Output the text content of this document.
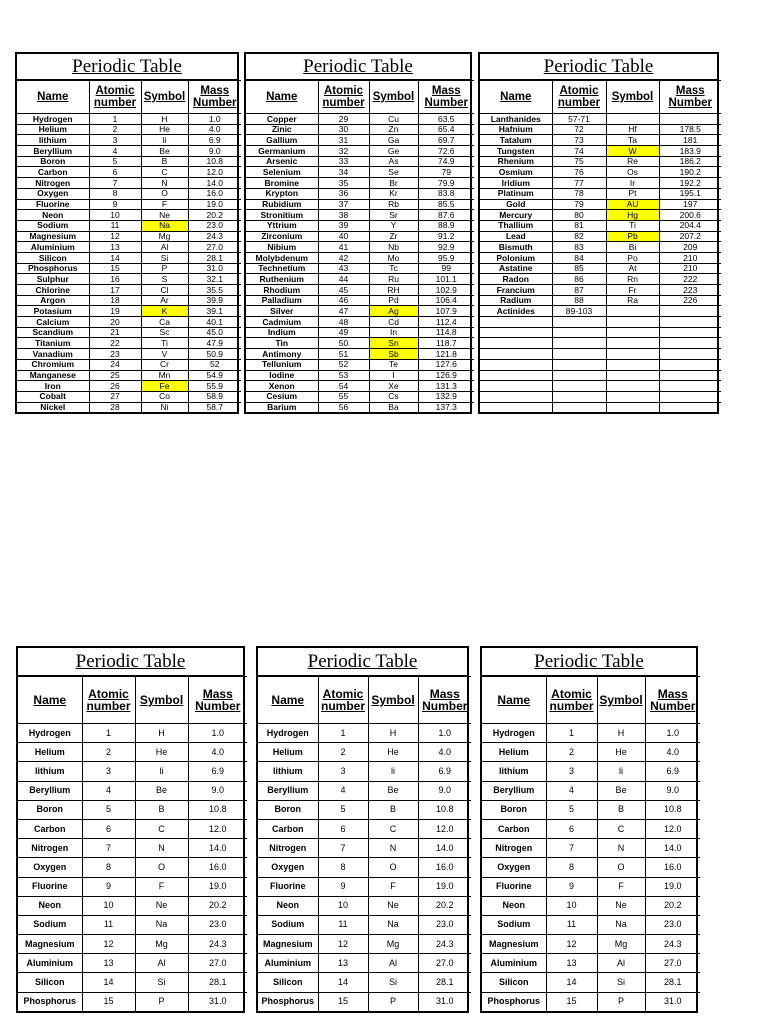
Periodic Table
Name	Atomic number	Symbol	Mass Number
Hydrogen	1	H	1.0
Helium	2	He	4.0
lithium	3	li	6.9
Beryllium	4	Be	9.0
Boron	5	B	10.8
Carbon	6	C	12.0
Nitrogen	7	N	14.0
Oxygen	8	O	16.0
Fluorine	9	F	19.0
Neon	10	Ne	20.2
Sodium	11	Na	23.0
Magnesium	12	Mg	24.3
Aluminium	13	Al	27.0
Silicon	14	Si	28.1
Phosphorus	15	P	31.0
Sulphur	16	S	32.1
Chlorine	17	Cl	35.5
Argon	18	Ar	39.9
Potasium	19	K	39.1
Calcium	20	Ca	40.1
Scandium	21	Sc	45.0
Titanium	22	Ti	47.9
Vanadium	23	V	50.9
Chromium	24	Cr	52
Manganese	25	Mn	54.9
Iron	26	Fe	55.9
Cobalt	27	Co	58.9
Nickel	28	Ni	58.7
Periodic Table
Name	Atomic number	Symbol	Mass Number
Copper	29	Cu	63.5
Zinic	30	Zn	65.4
Gallium	31	Ga	69.7
Germanium	32	Ge	72.6
Arsenic	33	As	74.9
Selenium	34	Se	79
Bromine	35	Br	79.9
Krypton	36	Kr	83.8
Rubidium	37	Rb	85.5
Stronitium	38	Sr	87.6
Yttrium	39	Y	88.9
Zirconium	40	Zr	91.2
Nibium	41	Nb	92.9
Molybdenum	42	Mo	95.9
Technetium	43	Tc	99
Ruthenium	44	Ru	101.1
Rhodium	45	RH	102.9
Palladium	46	Pd	106.4
Silver	47	Ag	107.9
Cadmium	48	Cd	112.4
Indium	49	In	114.8
Tin	50	Sn	118.7
Antimony	51	Sb	121.8
Tellunium	52	Te	127.6
Iodine	53	I	126.9
Xenon	54	Xe	131.3
Cesium	55	Cs	132.9
Barium	56	Ba	137.3
Periodic Table
Name	Atomic number	Symbol	Mass Number
Lanthanides	57-71		
Hafnium	72	Hf	178.5
Tatalum	73	Ta	181
Tungsten	74	W	183.9
Rhenium	75	Re	186.2
Osmium	76	Os	190.2
Iridium	77	Ir	192.2
Platinum	78	Pt	195.1
Gold	79	AU	197
Mercury	80	Hg	200.6
Thallium	81	Ti	204.4
Lead	82	Pb	207.2
Bismuth	83	Bi	209
Polonium	84	Po	210
Astatine	85	At	210
Radon	86	Rn	222
Francium	87	Fr	223
Radium	88	Ra	226
Actinides	89-103		

Periodic Table
Name	Atomic number	Symbol	Mass Number
Hydrogen	1	H	1.0
Helium	2	He	4.0
lithium	3	li	6.9
Beryllium	4	Be	9.0
Boron	5	B	10.8
Carbon	6	C	12.0
Nitrogen	7	N	14.0
Oxygen	8	O	16.0
Fluorine	9	F	19.0
Neon	10	Ne	20.2
Sodium	11	Na	23.0
Magnesium	12	Mg	24.3
Aluminium	13	Al	27.0
Silicon	14	Si	28.1
Phosphorus	15	P	31.0
Periodic Table
Name	Atomic number	Symbol	Mass Number
Hydrogen	1	H	1.0
Helium	2	He	4.0
lithium	3	li	6.9
Beryllium	4	Be	9.0
Boron	5	B	10.8
Carbon	6	C	12.0
Nitrogen	7	N	14.0
Oxygen	8	O	16.0
Fluorine	9	F	19.0
Neon	10	Ne	20.2
Sodium	11	Na	23.0
Magnesium	12	Mg	24.3
Aluminium	13	Al	27.0
Silicon	14	Si	28.1
Phosphorus	15	P	31.0
Periodic Table
Name	Atomic number	Symbol	Mass Number
Hydrogen	1	H	1.0
Helium	2	He	4.0
lithium	3	li	6.9
Beryllium	4	Be	9.0
Boron	5	B	10.8
Carbon	6	C	12.0
Nitrogen	7	N	14.0
Oxygen	8	O	16.0
Fluorine	9	F	19.0
Neon	10	Ne	20.2
Sodium	11	Na	23.0
Magnesium	12	Mg	24.3
Aluminium	13	Al	27.0
Silicon	14	Si	28.1
Phosphorus	15	P	31.0
